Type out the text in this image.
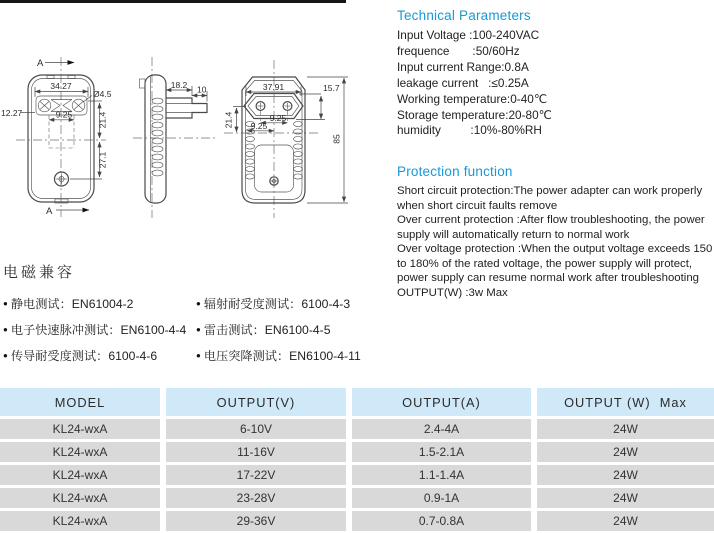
A
A
34.27
Ø4.5
12.27	9.25	21.4
27.1
18.2 10	37.91	15.7
21.4	9.25
9.25
85
Technical Parameters
Input Voltage :100-240VAC
frequence       :50/60Hz
Input current Range:0.8A
leakage current   :≤0.25A
Working temperature:0-40℃
Storage temperature:20-80℃
humidity         :10%-80%RH
Protection function
Short circuit protection:The power adapter can work properly when short circuit faults remove
Over current protection :After flow troubleshooting, the power supply will automatically return to normal work
Over voltage protection :When the output voltage exceeds 150 to 180% of the rated voltage, the power supply will protect, power supply can resume normal work after troubleshooting
OUTPUT(W) :3w Max
电磁兼容
● 静电测试：EN61004-2	● 辐射耐受度测试：6100-4-3
● 电子快速脉冲测试：EN6100-4-4 ● 雷击测试：EN6100-4-5
● 传导耐受度测试：6100-4-6	● 电压突降测试：EN6100-4-11
MODEL	OUTPUT(V)	OUTPUT(A)	OUTPUT (W)  Max
KL24-wxA	6-10V	2.4-4A	24W
KL24-wxA	11-16V	1.5-2.1A	24W
KL24-wxA	17-22V	1.1-1.4A	24W
KL24-wxA	23-28V	0.9-1A	24W
KL24-wxA	29-36V	0.7-0.8A	24W
